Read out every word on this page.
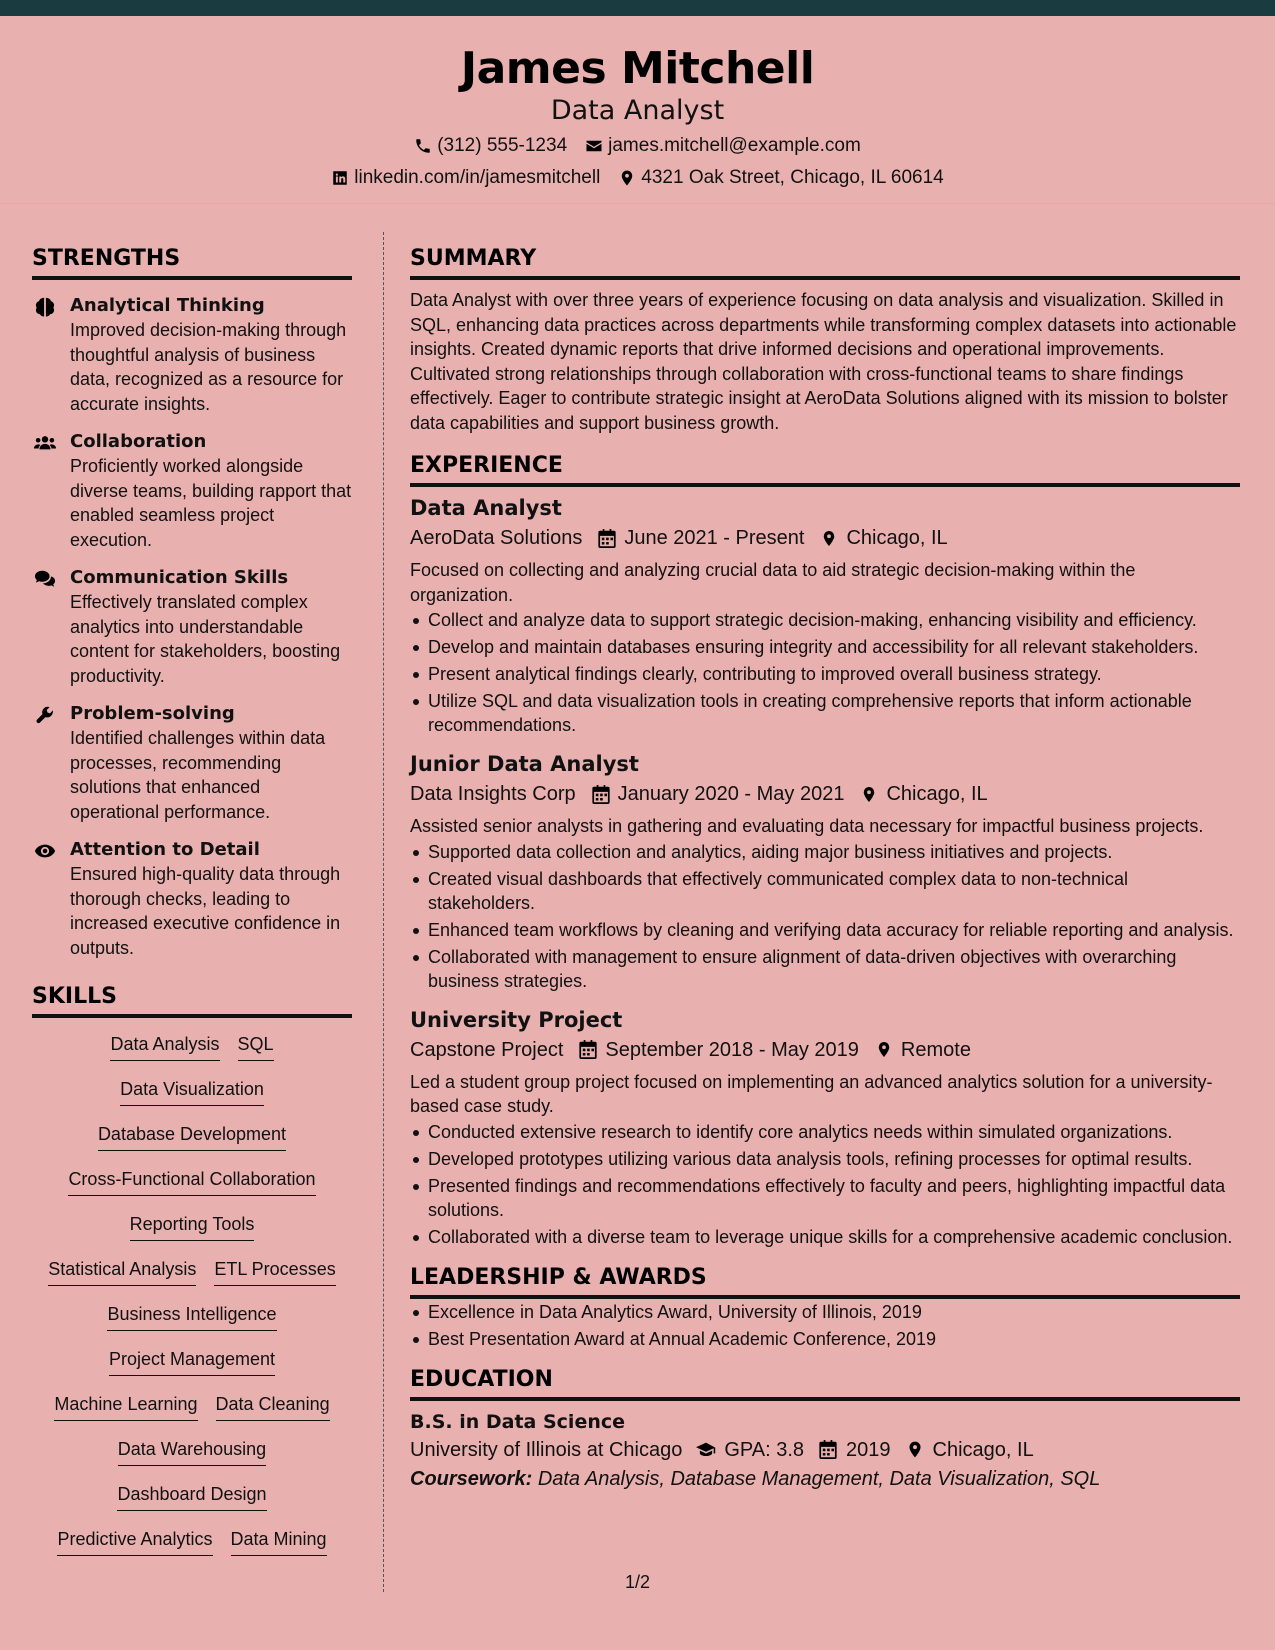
James Mitchell
Data Analyst
(312) 555-1234 james.mitchell@example.com
linkedin.com/in/jamesmitchell 4321 Oak Street, Chicago, IL 60614
STRENGTHS
Analytical Thinking
Improved decision-making through thoughtful analysis of business data, recognized as a resource for accurate insights.
Collaboration
Proficiently worked alongside diverse teams, building rapport that enabled seamless project execution.
Communication Skills
Effectively translated complex analytics into understandable content for stakeholders, boosting productivity.
Problem-solving
Identified challenges within data processes, recommending solutions that enhanced operational performance.
Attention to Detail
Ensured high-quality data through thorough checks, leading to increased executive confidence in outputs.
SKILLS
Data Analysis SQL
Data Visualization
Database Development
Cross-Functional Collaboration
Reporting Tools
Statistical Analysis ETL Processes
Business Intelligence
Project Management
Machine Learning Data Cleaning
Data Warehousing
Dashboard Design
Predictive Analytics Data Mining
SUMMARY
Data Analyst with over three years of experience focusing on data analysis and visualization. Skilled in SQL, enhancing data practices across departments while transforming complex datasets into actionable insights. Created dynamic reports that drive informed decisions and operational improvements. Cultivated strong relationships through collaboration with cross-functional teams to share findings effectively. Eager to contribute strategic insight at AeroData Solutions aligned with its mission to bolster data capabilities and support business growth.
EXPERIENCE
Data Analyst
AeroData Solutions June 2021 - Present Chicago, IL
Focused on collecting and analyzing crucial data to aid strategic decision-making within the organization.
Collect and analyze data to support strategic decision-making, enhancing visibility and efficiency.
Develop and maintain databases ensuring integrity and accessibility for all relevant stakeholders.
Present analytical findings clearly, contributing to improved overall business strategy.
Utilize SQL and data visualization tools in creating comprehensive reports that inform actionable recommendations.
Junior Data Analyst
Data Insights Corp January 2020 - May 2021 Chicago, IL
Assisted senior analysts in gathering and evaluating data necessary for impactful business projects.
Supported data collection and analytics, aiding major business initiatives and projects.
Created visual dashboards that effectively communicated complex data to non-technical stakeholders.
Enhanced team workflows by cleaning and verifying data accuracy for reliable reporting and analysis.
Collaborated with management to ensure alignment of data-driven objectives with overarching business strategies.
University Project
Capstone Project September 2018 - May 2019 Remote
Led a student group project focused on implementing an advanced analytics solution for a university-based case study.
Conducted extensive research to identify core analytics needs within simulated organizations.
Developed prototypes utilizing various data analysis tools, refining processes for optimal results.
Presented findings and recommendations effectively to faculty and peers, highlighting impactful data solutions.
Collaborated with a diverse team to leverage unique skills for a comprehensive academic conclusion.
LEADERSHIP & AWARDS
Excellence in Data Analytics Award, University of Illinois, 2019
Best Presentation Award at Annual Academic Conference, 2019
EDUCATION
B.S. in Data Science
University of Illinois at Chicago GPA: 3.8 2019 Chicago, IL
Coursework: Data Analysis, Database Management, Data Visualization, SQL
1/2
